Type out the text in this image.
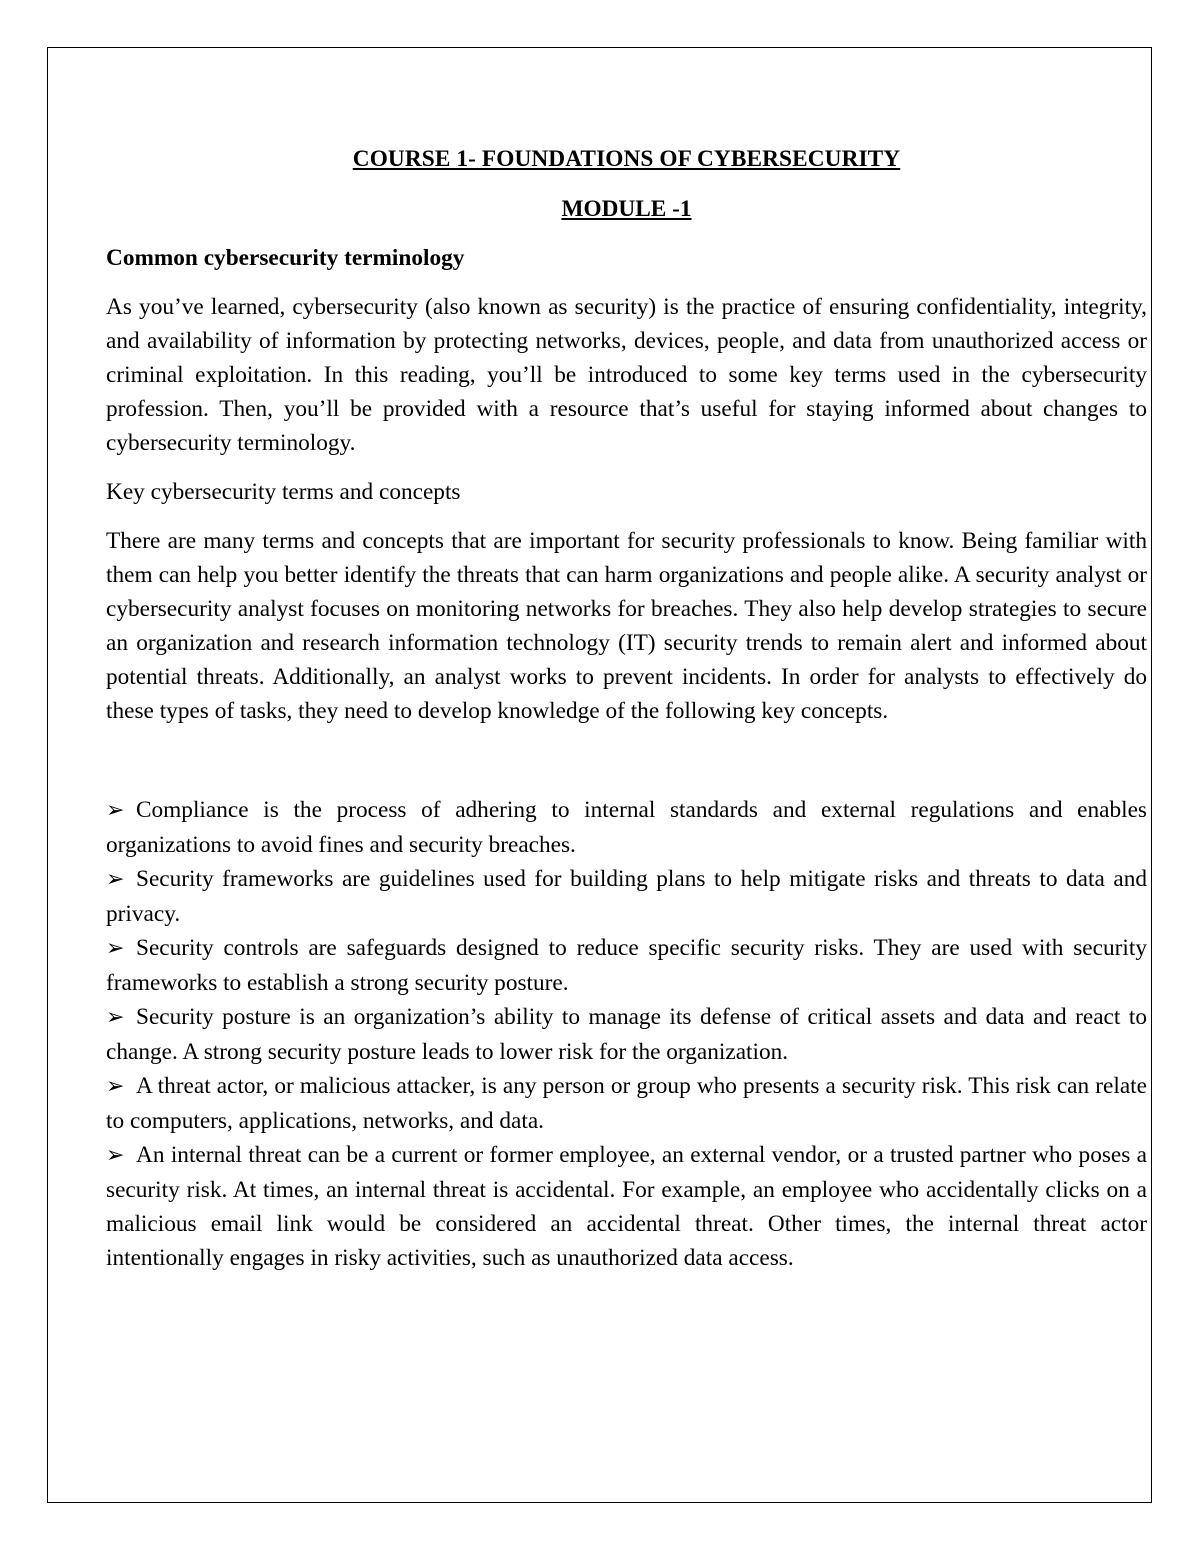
COURSE 1- FOUNDATIONS OF CYBERSECURITY
MODULE -1
Common cybersecurity terminology
As you’ve learned, cybersecurity (also known as security) is the practice of ensuring confidentiality, integrity, and availability of information by protecting networks, devices, people, and data from unauthorized access or criminal exploitation. In this reading, you’ll be introduced to some key terms used in the cybersecurity profession. Then, you’ll be provided with a resource that’s useful for staying informed about changes to cybersecurity terminology.
Key cybersecurity terms and concepts
There are many terms and concepts that are important for security professionals to know. Being familiar with them can help you better identify the threats that can harm organizations and people alike. A security analyst or cybersecurity analyst focuses on monitoring networks for breaches. They also help develop strategies to secure an organization and research information technology (IT) security trends to remain alert and informed about potential threats. Additionally, an analyst works to prevent incidents. In order for analysts to effectively do these types of tasks, they need to develop knowledge of the following key concepts.
➢ Compliance is the process of adhering to internal standards and external regulations and enables organizations to avoid fines and security breaches.
➢ Security frameworks are guidelines used for building plans to help mitigate risks and threats to data and privacy.
➢ Security controls are safeguards designed to reduce specific security risks. They are used with security frameworks to establish a strong security posture.
➢ Security posture is an organization’s ability to manage its defense of critical assets and data and react to change. A strong security posture leads to lower risk for the organization.
➢ A threat actor, or malicious attacker, is any person or group who presents a security risk. This risk can relate to computers, applications, networks, and data.
➢ An internal threat can be a current or former employee, an external vendor, or a trusted partner who poses a security risk. At times, an internal threat is accidental. For example, an employee who accidentally clicks on a malicious email link would be considered an accidental threat. Other times, the internal threat actor intentionally engages in risky activities, such as unauthorized data access.
